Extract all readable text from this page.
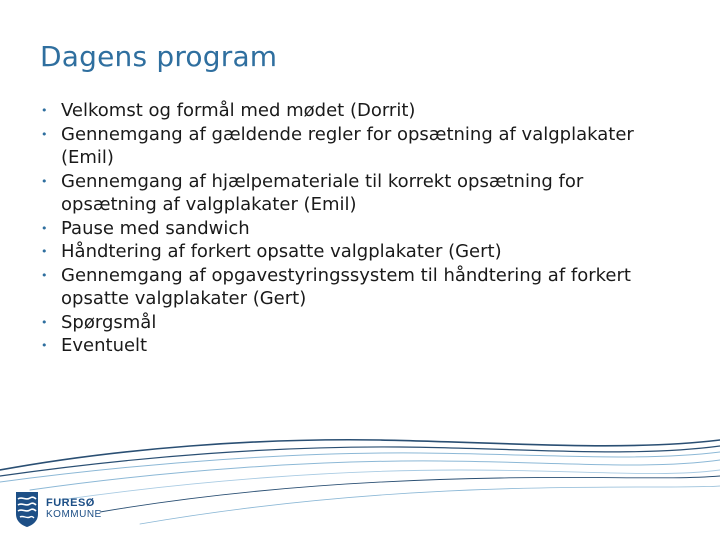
Dagens program
• Velkomst og formål med mødet (Dorrit)
• Gennemgang af gældende regler for opsætning af valgplakater (Emil)
• Gennemgang af hjælpemateriale til korrekt opsætning for opsætning af valgplakater (Emil)
• Pause med sandwich
• Håndtering af forkert opsatte valgplakater (Gert)
• Gennemgang af opgavestyringssystem til håndtering af forkert opsatte valgplakater (Gert)
• Spørgsmål
• Eventuelt
FURESØ
KOMMUNE
